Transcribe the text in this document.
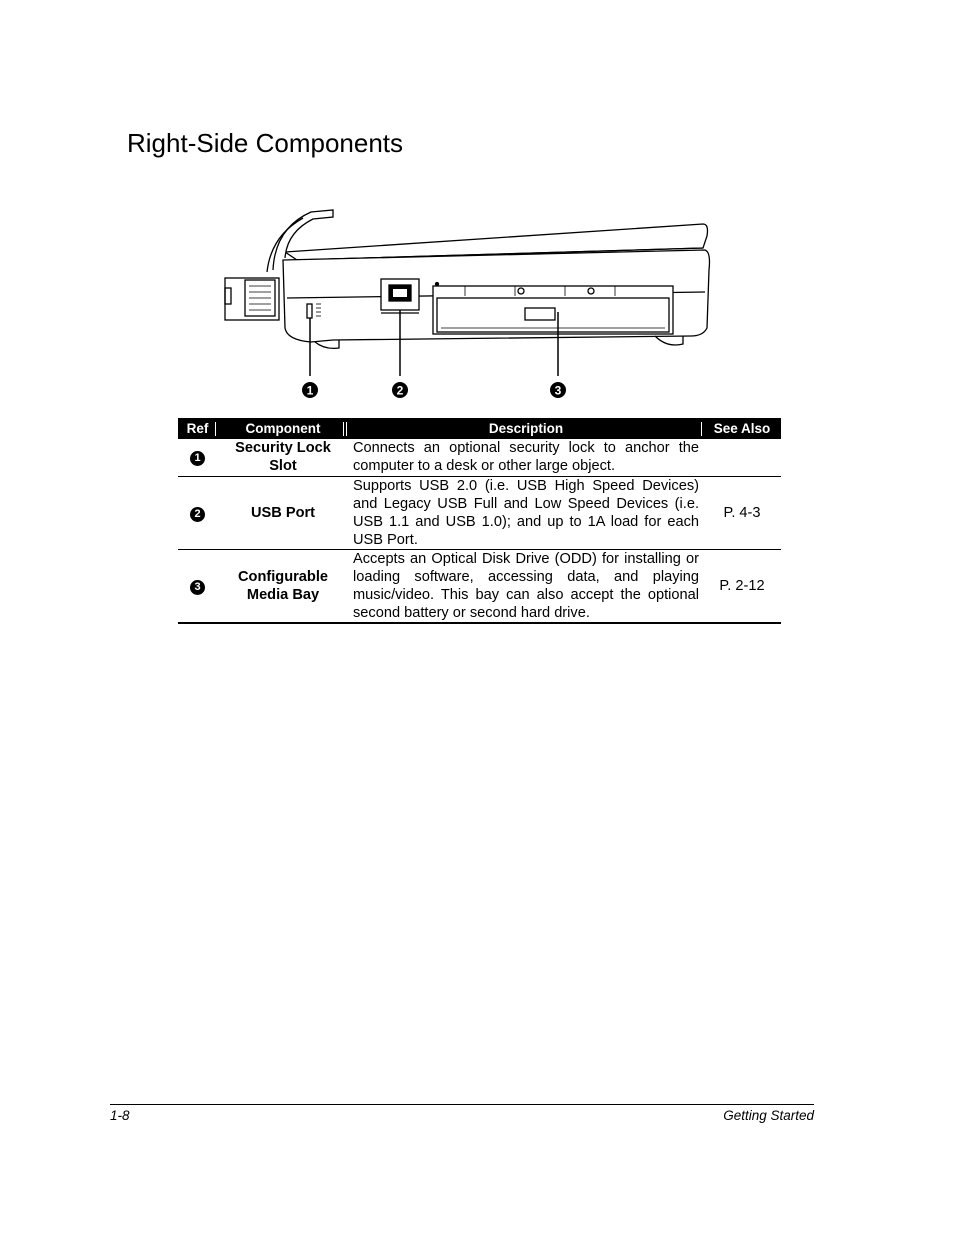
Right-Side Components
1	2	3
Ref	Component	Description	See Also
1	Security Lock Slot	Connects an optional security lock to anchor the computer to a desk or other large object.	
2	USB Port	Supports USB 2.0 (i.e. USB High Speed Devices) and Legacy USB Full and Low Speed Devices (i.e. USB 1.1 and USB 1.0); and up to 1A load for each USB Port.	P. 4-3
3	Configurable Media Bay	Accepts an Optical Disk Drive (ODD) for installing or loading software, accessing data, and playing music/video. This bay can also accept the optional second battery or second hard drive.	P. 2-12
1-8	Getting Started
